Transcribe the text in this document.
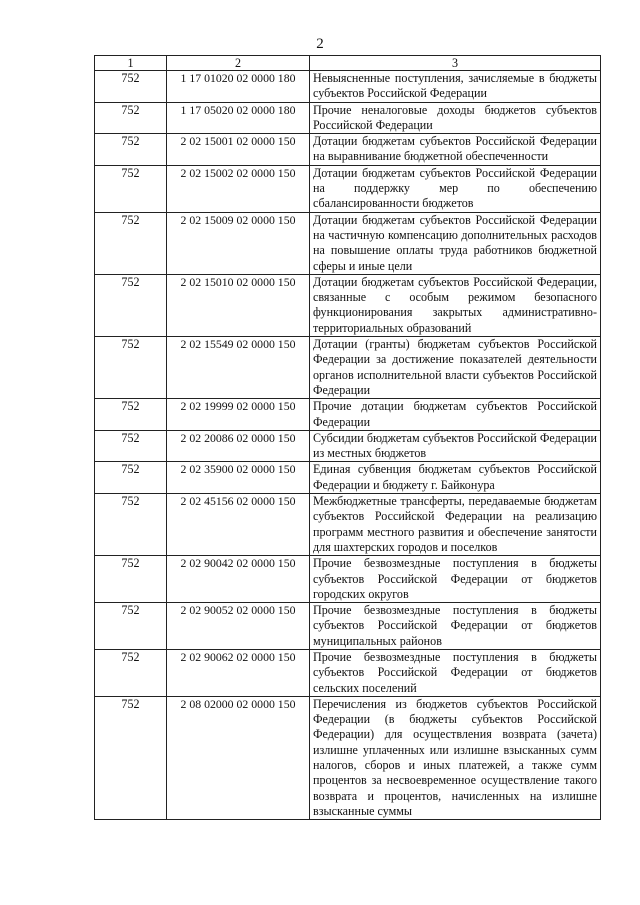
2
1	2	3
752	1 17 01020 02 0000 180	Невыясненные поступления, зачисляемые в бюджеты субъектов Российской Федерации
752	1 17 05020 02 0000 180	Прочие неналоговые доходы бюджетов субъектов Российской Федерации
752	2 02 15001 02 0000 150	Дотации бюджетам субъектов Российской Федерации на выравнивание бюджетной обеспеченности
752	2 02 15002 02 0000 150	Дотации бюджетам субъектов Российской Федерации на поддержку мер по обеспечению сбалансированности бюджетов
752	2 02 15009 02 0000 150	Дотации бюджетам субъектов Российской Федерации на частичную компенсацию дополнительных расходов на повышение оплаты труда работников бюджетной сферы и иные цели
752	2 02 15010 02 0000 150	Дотации бюджетам субъектов Российской Федерации, связанные с особым режимом безопасного функционирования закрытых административно-территориальных образований
752	2 02 15549 02 0000 150	Дотации (гранты) бюджетам субъектов Российской Федерации за достижение показателей деятельности органов исполнительной власти субъектов Российской Федерации
752	2 02 19999 02 0000 150	Прочие дотации бюджетам субъектов Российской Федерации
752	2 02 20086 02 0000 150	Субсидии бюджетам субъектов Российской Федерации из местных бюджетов
752	2 02 35900 02 0000 150	Единая субвенция бюджетам субъектов Российской Федерации и бюджету г. Байконура
752	2 02 45156 02 0000 150	Межбюджетные трансферты, передаваемые бюджетам субъектов Российской Федерации на реализацию программ местного развития и обеспечение занятости для шахтерских городов и поселков
752	2 02 90042 02 0000 150	Прочие безвозмездные поступления в бюджеты субъектов Российской Федерации от бюджетов городских округов
752	2 02 90052 02 0000 150	Прочие безвозмездные поступления в бюджеты субъектов Российской Федерации от бюджетов муниципальных районов
752	2 02 90062 02 0000 150	Прочие безвозмездные поступления в бюджеты субъектов Российской Федерации от бюджетов сельских поселений
752	2 08 02000 02 0000 150	Перечисления из бюджетов субъектов Российской Федерации (в бюджеты субъектов Российской Федерации) для осуществления возврата (зачета) излишне уплаченных или излишне взысканных сумм налогов, сборов и иных платежей, а также сумм процентов за несвоевременное осуществление такого возврата и процентов, начисленных на излишне взысканные суммы
